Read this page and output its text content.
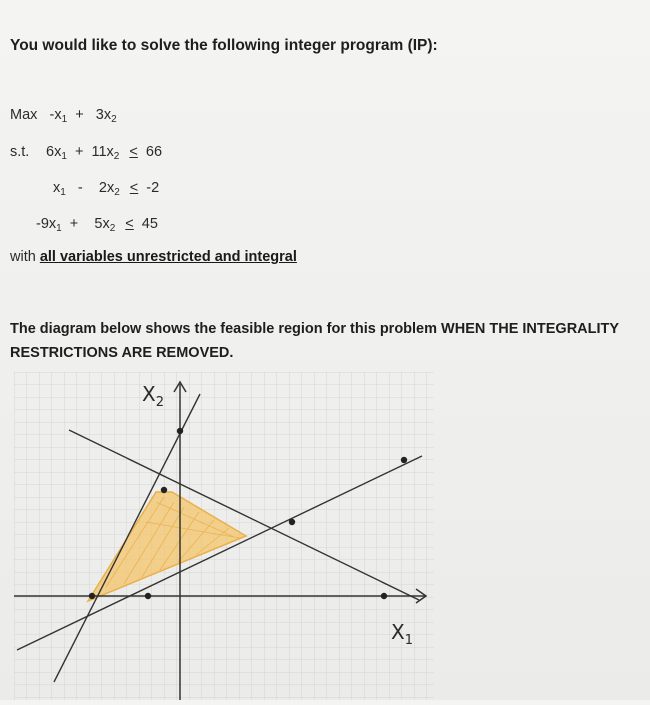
You would like to solve the following integer program (IP):
Max $-x_1 + 3x_2$
s.t. $6x_1 + 11x_2 \le 66$
$x_1 - 2x_2 \le -2$
$-9x_1 + 5x_2 \le 45$
with all variables unrestricted and integral
The diagram below shows the feasible region for this problem WHEN THE INTEGRALITY RESTRICTIONS ARE REMOVED.
$X_2$
$X_1$
